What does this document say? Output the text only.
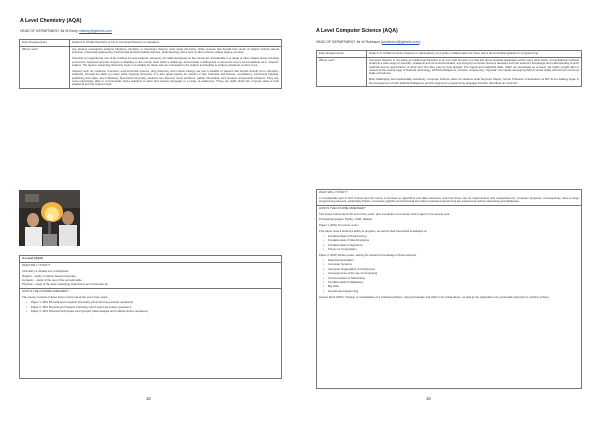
A Level Chemistry (AQA)
HEAD OF DEPARTMENT: Mr M Kemp mkemp@geeshs.com
Entry Requirements	Grade 6 in GCSE Chemistry or 6:6 in Combined Science or equivalent.
Where next?	Any student considering studying Medicine, Dentistry or Veterinary Science must study chemistry. Other courses that benefit from study of subject include natural sciences, (chemical) engineering, biochemical and biomedical sciences, pharmacology and a host of other science related degree courses.

Chemistry is regarded as one of the hardest A-Level subjects. However, the skills developed on the course are transferable to a range of other subject areas including economics, business and law. Anyone embarking on the course must relish a challenge, demonstrate a willingness to persevere and a sound aptitude as a “science” subject. The rigours of learning chemistry mean it is suitable for those who are interested in the subject and looking to achieve academic comfort zone.

Careers such as medicine, forensics, environmental science, drug discovery and marine biology are just a handful of careers that benefit directly from chemistry. Indirectly, through the skills you learn while studying chemistry, it is also great training for careers in law, business and finance, consultancy, investment banking, publishing and sales, and marketing. Successful chemistry students can discover novel problems, gather information and produce unequivocal solutions. They are, more importantly, able to communicate those solutions in clear and concise language to a range of audiences. These are skills which are of great value in both academia and the world of work.

A-Level (AQA)

WHAT WILL I STUDY?

Chemistry is divided into 3 disciplines:

Organic – study of carbon-based molecules

Inorganic – study of the rest of the periodic table.

Physical – study of the laws underlying what atoms and molecules do.

HOW IS THE COURSE ASSESSED?

The course consists of three linear exams sat at the end of two years.

• Paper 1: 35% Physical and Inorganic Chemistry (short and long answer questions)
• Paper 2: 35% Physical and Organic Chemistry (short and long answer questions)
• Paper 3: 30% Practical Techniques and Synoptic (data analysis and multiple-choice questions)
15
A Level Computer Science (AQA)
HEAD OF DEPARTMENT: Mr W Robinson (wrobinson@geeshs.com)
Entry Requirements	Grade 6 in GCSE Computer Science or, alternatively, an A grade in Mathematics for those with a demonstrable aptitude for programming.
Where next?	Computer Science is not solely an intellectual discipline in its own right but also one that has direct practical application within many other fields. Computational methods underpin a wide range of scientific, academic and commercial studies, and studying Computer Science develops both the student’s knowledge and understanding of such methods and an appreciation of when and how they may be best applied. The logical and analytical skills, which are developed as a result, are highly sought after in careers at the cutting edge of financial technology, artificial intelligence, robotics, engineering, “big data”, the rapidly developing field of virtual reality and across numerous fields of business.

Both challenging and intellectually rewarding, Computer Science offers its students what Seymour Papert, former Professor of Education at MIT and a leading figure in the development of both artificial intelligence and the beginners’ programming language Scratch, described as “hard fun”.

WHAT WILL I STUDY?

A considerable part of both A-level and AS course is focused on algorithms and data structures, and how these can be implemented, and manipulated by, computer programs. Consequently, there is large programming element, particularly Python. Computer graphics and functional and object-oriented programming are explored as well as networking and databases.

HOW IS THE COURSE ASSESSED?

Two linear exams sat at the end of two years, plus completion of a course work project in the second year.

Principal languages: Python, ASM, Haskell

Paper 1 (40%) On-screen exam

This paper tests a student’s ability to program, as well as their theoretical knowledge of:

• Fundamentals of Programming
• Fundamentals of Data Structures
• Fundamentals of Algorithms
• Theory of Computation

Paper 2 (40%) Written exam, testing the student’s knowledge of these aspects:

• Data Representation
• Computer Systems
• Computer Organisation & Architecture
• Consequences of the use of Computing
• Communication & Networking
• Fundamentals of Databases
• Big Data
• Functional programming

Course Work (20%): Solution or investigation of a practical problem, using knowledge and skills in the areas above, as well as the application of a systematic approach to problem solving.

16
